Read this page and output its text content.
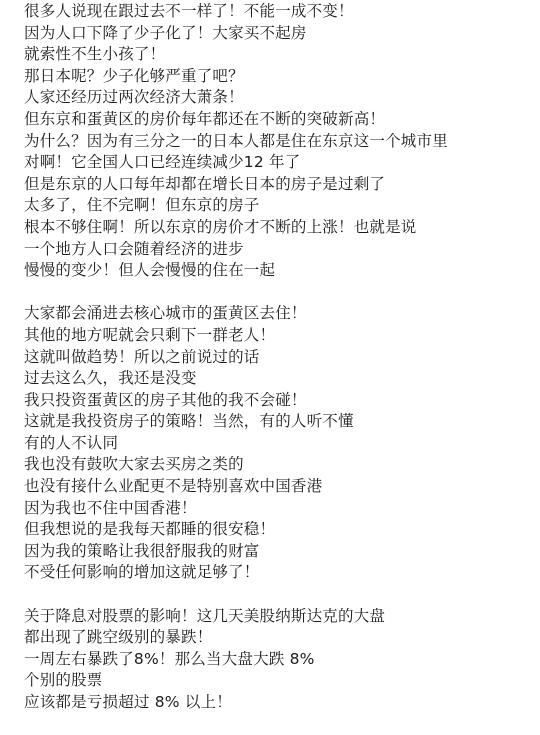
很多人说现在跟过去不一样了！不能一成不变！
因为人口下降了少子化了！大家买不起房
就索性不生小孩了！
那日本呢？少子化够严重了吧？
人家还经历过两次经济大萧条！
但东京和蛋黄区的房价每年都还在不断的突破新高！
为什么？因为有三分之一的日本人都是住在东京这一个城市里
对啊！它全国人口已经连续减少12 年了
但是东京的人口每年却都在增长日本的房子是过剩了
太多了，住不完啊！但东京的房子
根本不够住啊！所以东京的房价才不断的上涨！也就是说
一个地方人口会随着经济的进步
慢慢的变少！但人会慢慢的住在一起
大家都会涌进去核心城市的蛋黄区去住！
其他的地方呢就会只剩下一群老人！
这就叫做趋势！所以之前说过的话
过去这么久，我还是没变
我只投资蛋黄区的房子其他的我不会碰！
这就是我投资房子的策略！当然，有的人听不懂
有的人不认同
我也没有鼓吹大家去买房之类的
也没有接什么业配更不是特别喜欢中国香港
因为我也不住中国香港！
但我想说的是我每天都睡的很安稳！
因为我的策略让我很舒服我的财富
不受任何影响的增加这就足够了！
关于降息对股票的影响！这几天美股纳斯达克的大盘
都出现了跳空级别的暴跌！
一周左右暴跌了8%！那么当大盘大跌 8%
个别的股票
应该都是亏损超过 8% 以上！
